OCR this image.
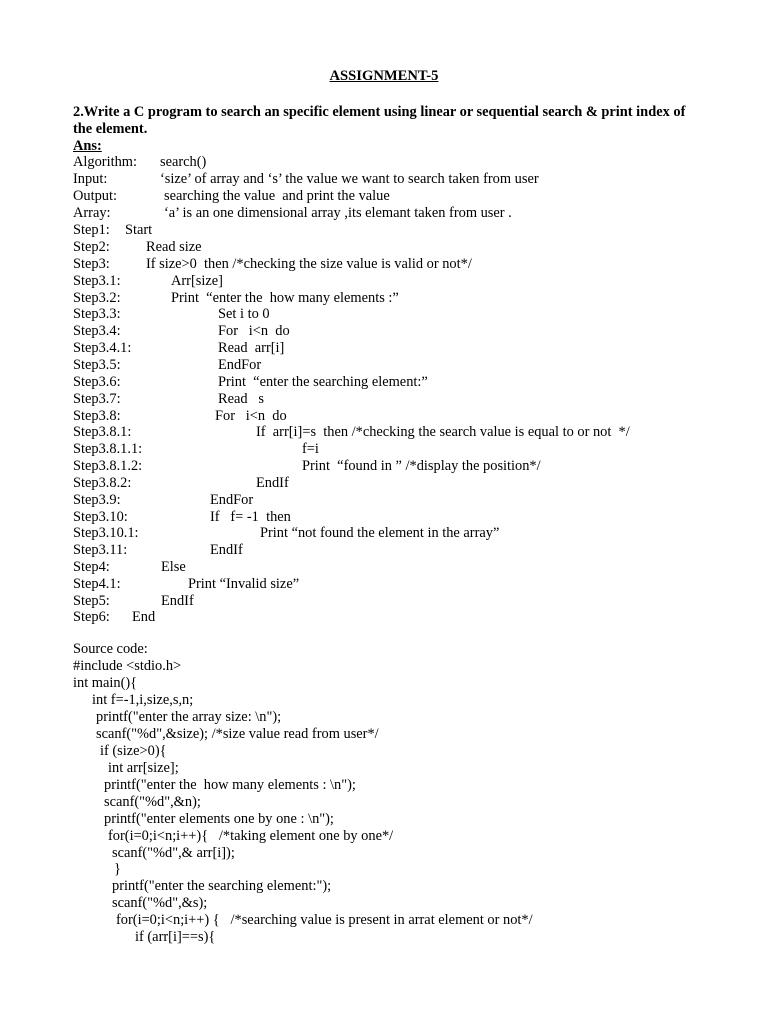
ASSIGNMENT-5
2.Write a C program to search an specific element using linear or sequential search & print index of the element.
Ans:
Algorithm: search()
Input:	‘size’ of array and ‘s’ the value we want to search taken from user
Output:	searching the value  and print the value
Array:	‘a’ is an one dimensional array ,its elemant taken from user .
Step1: Start
Step2:	Read size
Step3:	If size>0  then /*checking the size value is valid or not*/
Step3.1:	Arr[size]
Step3.2:	Print  “enter the  how many elements :”
Step3.3:	Set i to 0
Step3.4:	For   i<n  do
Step3.4.1:	Read  arr[i]
Step3.5:	EndFor
Step3.6:	Print  “enter the searching element:”
Step3.7:	Read   s
Step3.8:	For   i<n  do
Step3.8.1:	If  arr[i]=s  then /*checking the search value is equal to or not  */
Step3.8.1.1:	f=i
Step3.8.1.2:	Print  “found in ” /*display the position*/
Step3.8.2:	EndIf
Step3.9:	EndFor
Step3.10:	If   f= -1  then
Step3.10.1:	Print “not found the element in the array”
Step3.11:	EndIf
Step4:	Else
Step4.1:	Print “Invalid size”
Step5:	EndIf
Step6: End
Source code:
#include <stdio.h>
int main(){
int f=-1,i,size,s,n;
printf("enter the array size: \n");
scanf("%d",&size); /*size value read from user*/
if (size>0){
int arr[size];
printf("enter the  how many elements : \n");
scanf("%d",&n);
printf("enter elements one by one : \n");
for(i=0;i<n;i++){   /*taking element one by one*/
scanf("%d",& arr[i]);
}
printf("enter the searching element:");
scanf("%d",&s);
for(i=0;i<n;i++) {   /*searching value is present in arrat element or not*/
if (arr[i]==s){
